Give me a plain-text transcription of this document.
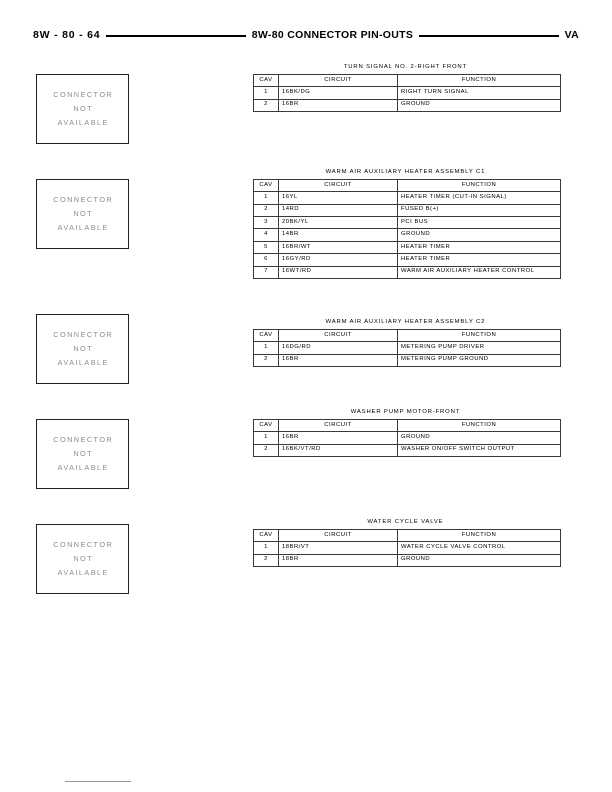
8W - 80 - 64	8W-80 CONNECTOR PIN-OUTS	VA
CONNECTOR
NOT
AVAILABLE
CONNECTOR
NOT
AVAILABLE
CONNECTOR
NOT
AVAILABLE
CONNECTOR
NOT
AVAILABLE
CONNECTOR
NOT
AVAILABLE
TURN SIGNAL NO. 2-RIGHT FRONT
CAV	CIRCUIT	FUNCTION
1	16BK/DG	RIGHT TURN SIGNAL
2	16BR	GROUND
WARM AIR AUXILIARY HEATER ASSEMBLY C1
CAV	CIRCUIT	FUNCTION
1	16YL	HEATER TIMER (CUT-IN SIGNAL)
2	14RD	FUSED B(+)
3	20BK/YL	PCI BUS
4	14BR	GROUND
5	16BR/WT	HEATER TIMER
6	16GY/RD	HEATER TIMER
7	16WT/RD	WARM AIR AUXILIARY HEATER CONTROL
WARM AIR AUXILIARY HEATER ASSEMBLY C2
CAV	CIRCUIT	FUNCTION
1	16DG/RD	METERING PUMP DRIVER
2	16BR	METERING PUMP GROUND
WASHER PUMP MOTOR-FRONT
CAV	CIRCUIT	FUNCTION
1	16BR	GROUND
2	16BK/VT/RD	WASHER ON/OFF SWITCH OUTPUT
WATER CYCLE VALVE
CAV	CIRCUIT	FUNCTION
1	18BR/VT	WATER CYCLE VALVE CONTROL
2	18BR	GROUND
